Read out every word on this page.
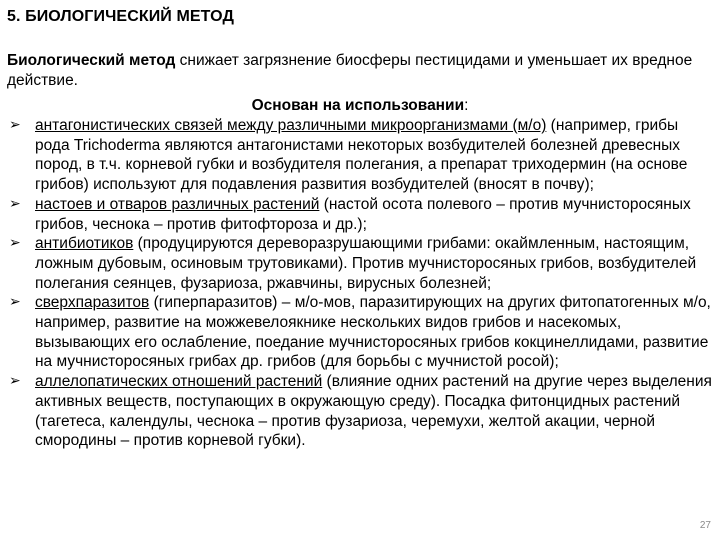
5. БИОЛОГИЧЕСКИЙ МЕТОД
Биологический метод снижает загрязнение биосферы пестицидами и уменьшает их вредное действие.
Основан на использовании:
➢ антагонистических связей между различными микроорганизмами (м/о) (например, грибы рода Trichoderma являются антагонистами некоторых возбудителей болезней древесных пород, в т.ч. корневой губки и возбудителя полегания, а препарат триходермин (на основе грибов) используют для подавления развития возбудителей (вносят в почву);
➢ настоев и отваров различных растений (настой осота полевого – против мучнисторосяных грибов, чеснока – против фитофтороза и др.);
➢ антибиотиков (продуцируются дереворазрушающими грибами: окаймленным, настоящим, ложным дубовым, осиновым трутовиками). Против мучнисторосяных грибов, возбудителей полегания сеянцев, фузариоза, ржавчины, вирусных болезней;
➢ сверхпаразитов (гиперпаразитов) – м/о-мов, паразитирующих на других фитопатогенных м/о, например, развитие на можжевелоякнике нескольких видов грибов и насекомых, вызывающих его ослабление, поедание мучнисторосяных грибов кокцинеллидами, развитие на мучнисторосяных грибах др. грибов (для борьбы с мучнистой росой);
➢ аллелопатических отношений растений (влияние одних растений на другие через выделения активных веществ, поступающих в окружающую среду). Посадка фитонцидных растений (тагетеса, календулы, чеснока – против фузариоза, черемухи, желтой акации, черной смородины – против корневой губки).
27
